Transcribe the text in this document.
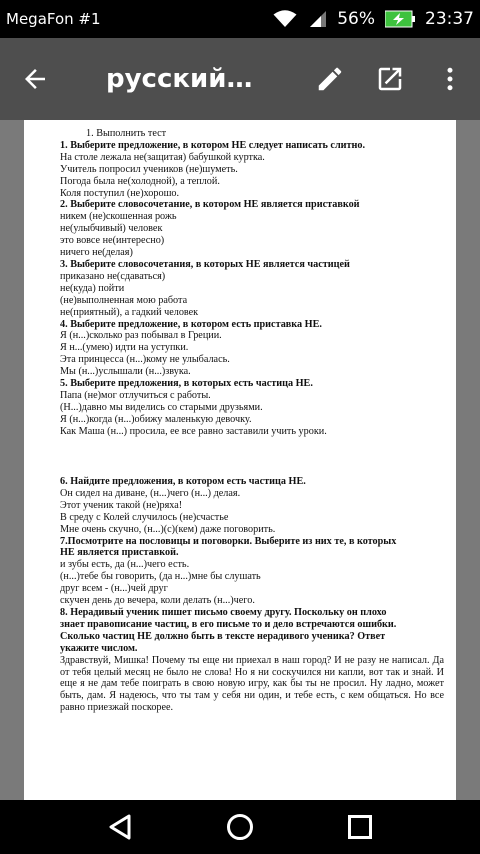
MegaFon #1	56%	23:37
русский…
1. Выполнить тест
1. Выберите предложение, в котором НЕ следует написать слитно.
На столе лежала не(защитая) бабушкой куртка.
Учитель попросил учеников (не)шуметь.
Погода была не(холодной), а теплой.
Коля поступил (не)хорошо.
2. Выберите словосочетание, в котором НЕ является приставкой
никем (не)скошенная рожь
не(улыбчивый) человек
это вовсе не(интересно)
ничего не(делая)
3. Выберите словосочетания, в которых НЕ является частицей
приказано не(сдаваться)
не(куда) пойти
(не)выполненная мою работа
не(приятный), а гадкий человек
4. Выберите предложение, в котором есть приставка НЕ.
Я (н...)сколько раз побывал в Греции.
Я н...(умею) идти на уступки.
Эта принцесса (н...)кому не улыбалась.
Мы (н...)услышали (н...)звука.
5. Выберите предложения, в которых есть частица НЕ.
Папа (не)мог отлучиться с работы.
(Н...)давно мы виделись со старыми друзьями.
Я (н...)когда (н...)обижу маленькую девочку.
Как Маша (н...) просила, ее все равно заставили учить уроки.
6. Найдите предложения, в котором есть частица НЕ.
Он сидел на диване, (н...)чего (н...) делая.
Этот ученик такой (не)ряха!
В среду с Колей случилось (не)счастье
Мне очень скучно, (н...)(с)(кем) даже поговорить.
7.Посмотрите на пословицы и поговорки. Выберите из них те, в которых
НЕ является приставкой.
и зубы есть, да (н...)чего есть.
(н...)тебе бы говорить, (да н...)мне бы слушать
друг всем - (н...)чей друг
скучен день до вечера, коли делать (н...)чего.
8. Нерадивый ученик пишет письмо своему другу. Поскольку он плохо
знает правописание частиц, в его письме то и дело встречаются ошибки.
Сколько частиц НЕ должно быть в тексте нерадивого ученика? Ответ
укажите числом.
Здравствуй, Мишка! Почему ты еще ни приехал в наш город? И не разу не написал. Да от тебя целый месяц не было не слова! Но я ни соскучился ни капли, вот так и знай. И еще я не дам тебе поиграть в свою новую игру, как бы ты не просил. Ну ладно, может быть, дам. Я надеюсь, что ты там у себя ни один, и тебе есть, с кем общаться. Но все равно приезжай поскорее.
